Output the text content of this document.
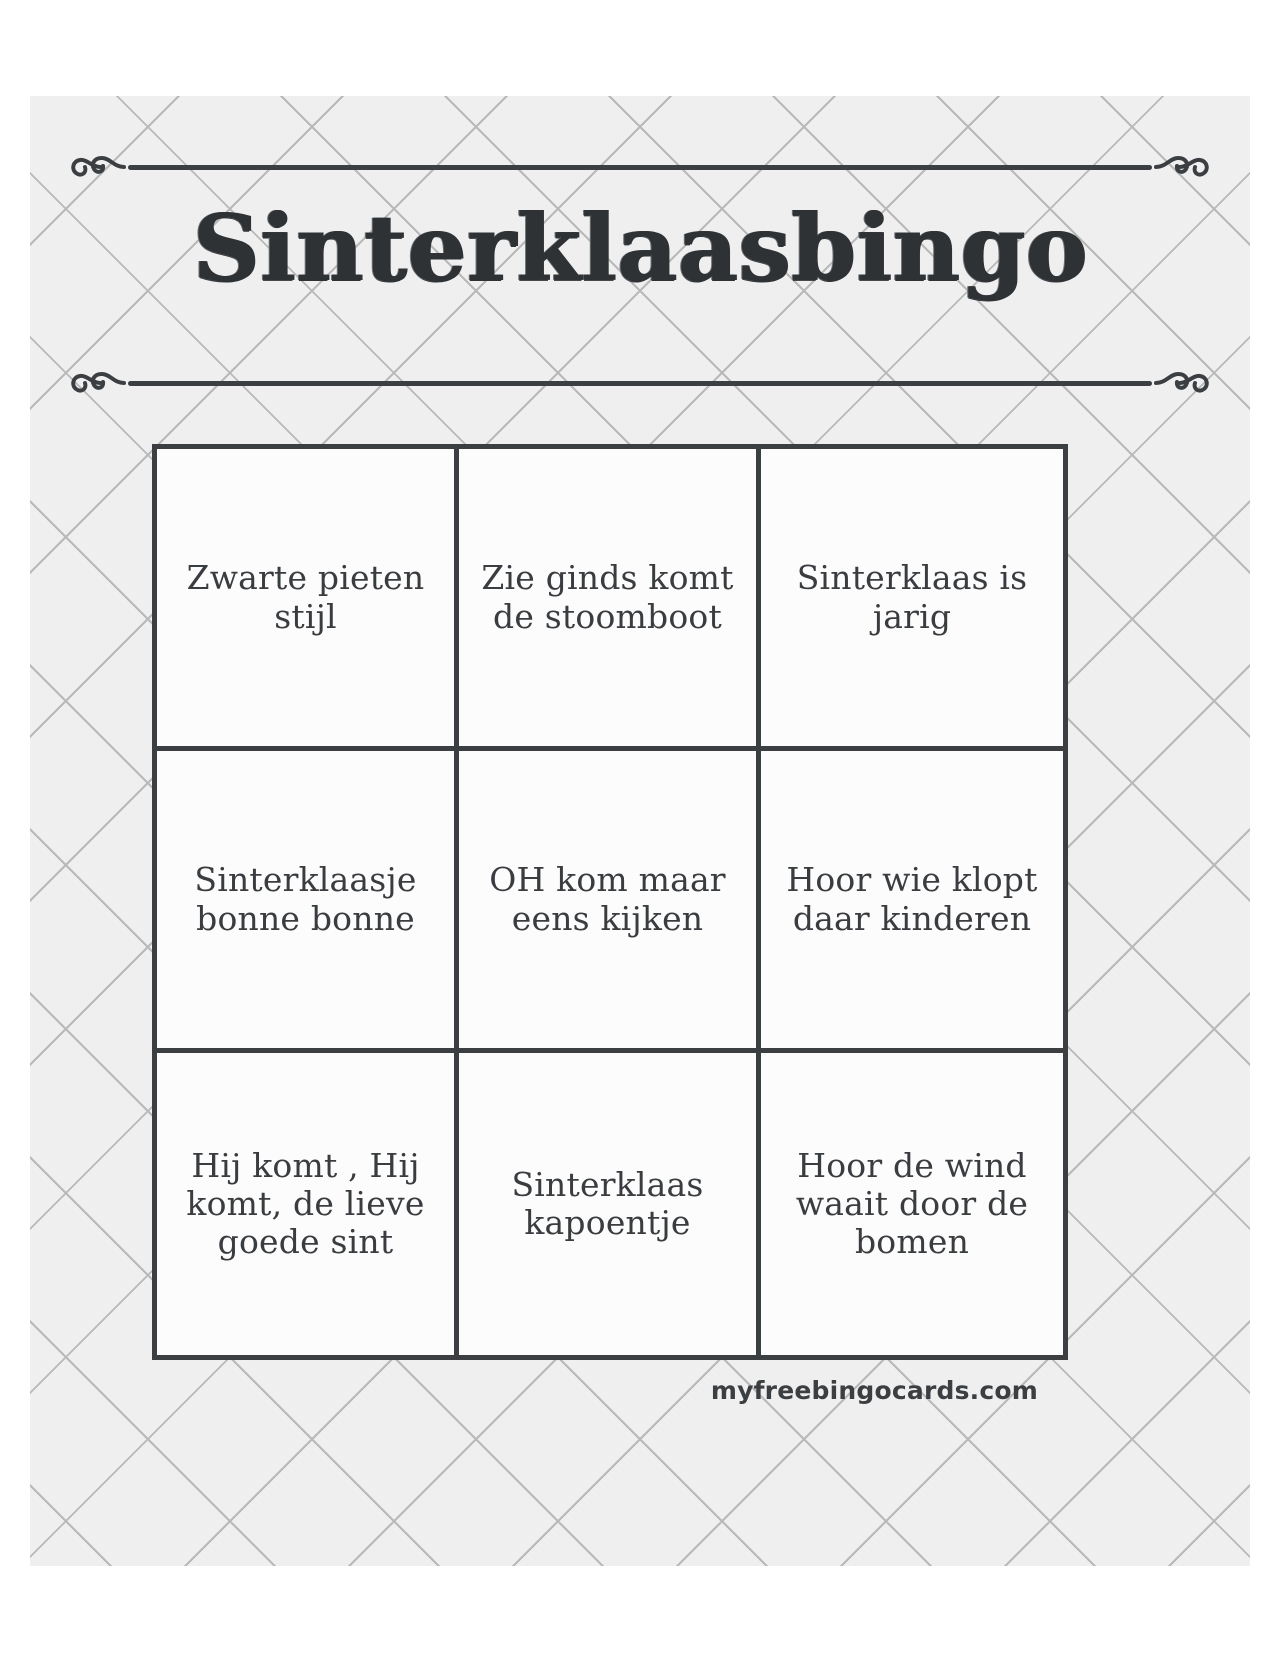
Sinterklaasbingo
Zwarte pieten stijl
Zie ginds komt de stoomboot
Sinterklaas is jarig
Sinterklaasje bonne bonne
OH kom maar eens kijken
Hoor wie klopt daar kinderen
Hij komt , Hij komt, de lieve goede sint
Sinterklaas kapoentje
Hoor de wind waait door de bomen
myfreebingocards.com
